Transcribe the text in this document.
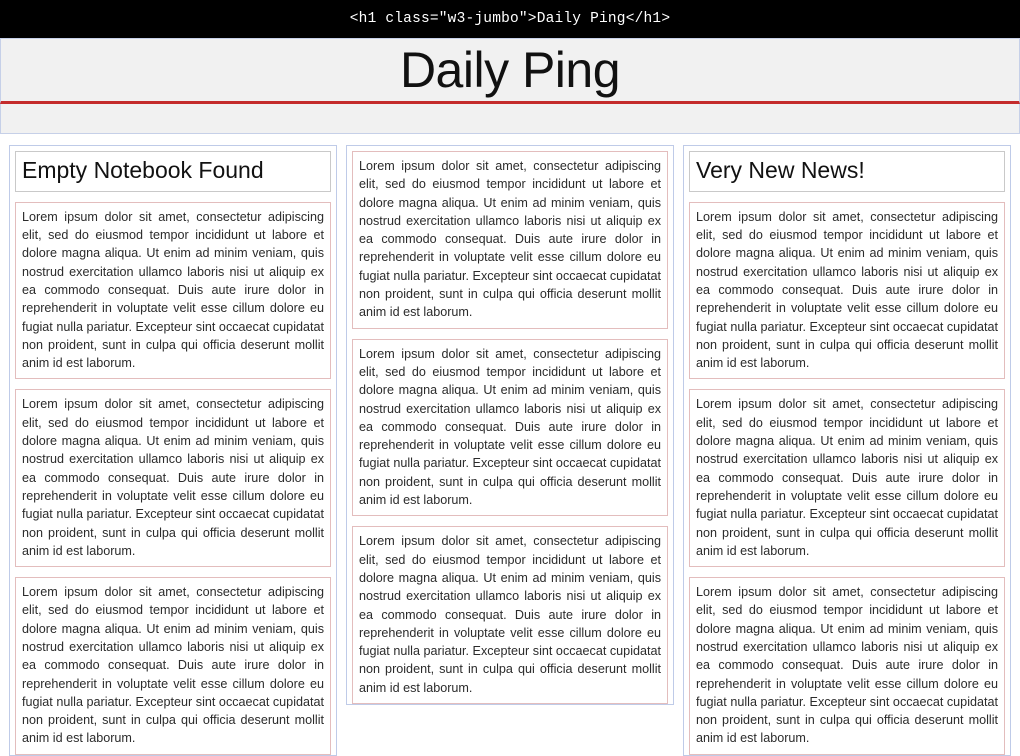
<h1 class="w3-jumbo">Daily Ping</h1>
Daily Ping
Empty Notebook Found

Lorem ipsum dolor sit amet, consectetur adipiscing elit, sed do eiusmod tempor incididunt ut labore et dolore magna aliqua. Ut enim ad minim veniam, quis nostrud exercitation ullamco laboris nisi ut aliquip ex ea commodo consequat. Duis aute irure dolor in reprehenderit in voluptate velit esse cillum dolore eu fugiat nulla pariatur. Excepteur sint occaecat cupidatat non proident, sunt in culpa qui officia deserunt mollit anim id est laborum.

Lorem ipsum dolor sit amet, consectetur adipiscing elit, sed do eiusmod tempor incididunt ut labore et dolore magna aliqua. Ut enim ad minim veniam, quis nostrud exercitation ullamco laboris nisi ut aliquip ex ea commodo consequat. Duis aute irure dolor in reprehenderit in voluptate velit esse cillum dolore eu fugiat nulla pariatur. Excepteur sint occaecat cupidatat non proident, sunt in culpa qui officia deserunt mollit anim id est laborum.

Lorem ipsum dolor sit amet, consectetur adipiscing elit, sed do eiusmod tempor incididunt ut labore et dolore magna aliqua. Ut enim ad minim veniam, quis nostrud exercitation ullamco laboris nisi ut aliquip ex ea commodo consequat. Duis aute irure dolor in reprehenderit in voluptate velit esse cillum dolore eu fugiat nulla pariatur. Excepteur sint occaecat cupidatat non proident, sunt in culpa qui officia deserunt mollit anim id est laborum.

Lorem ipsum dolor sit amet, consectetur adipiscing elit, sed do eiusmod tempor incididunt ut labore et dolore magna aliqua. Ut enim ad minim veniam, quis nostrud exercitation ullamco laboris nisi ut aliquip ex ea commodo consequat. Duis aute irure dolor in reprehenderit in voluptate velit esse cillum dolore eu fugiat nulla pariatur. Excepteur sint occaecat cupidatat non proident, sunt in culpa qui officia deserunt mollit anim id est laborum.

Lorem ipsum dolor sit amet, consectetur adipiscing elit, sed do eiusmod tempor incididunt ut labore et dolore magna aliqua. Ut enim ad minim veniam, quis nostrud exercitation ullamco laboris nisi ut aliquip ex ea commodo consequat. Duis aute irure dolor in reprehenderit in voluptate velit esse cillum dolore eu fugiat nulla pariatur. Excepteur sint occaecat cupidatat non proident, sunt in culpa qui officia deserunt mollit anim id est laborum.

Lorem ipsum dolor sit amet, consectetur adipiscing elit, sed do eiusmod tempor incididunt ut labore et dolore magna aliqua. Ut enim ad minim veniam, quis nostrud exercitation ullamco laboris nisi ut aliquip ex ea commodo consequat. Duis aute irure dolor in reprehenderit in voluptate velit esse cillum dolore eu fugiat nulla pariatur. Excepteur sint occaecat cupidatat non proident, sunt in culpa qui officia deserunt mollit anim id est laborum.

Very New News!

Lorem ipsum dolor sit amet, consectetur adipiscing elit, sed do eiusmod tempor incididunt ut labore et dolore magna aliqua. Ut enim ad minim veniam, quis nostrud exercitation ullamco laboris nisi ut aliquip ex ea commodo consequat. Duis aute irure dolor in reprehenderit in voluptate velit esse cillum dolore eu fugiat nulla pariatur. Excepteur sint occaecat cupidatat non proident, sunt in culpa qui officia deserunt mollit anim id est laborum.

Lorem ipsum dolor sit amet, consectetur adipiscing elit, sed do eiusmod tempor incididunt ut labore et dolore magna aliqua. Ut enim ad minim veniam, quis nostrud exercitation ullamco laboris nisi ut aliquip ex ea commodo consequat. Duis aute irure dolor in reprehenderit in voluptate velit esse cillum dolore eu fugiat nulla pariatur. Excepteur sint occaecat cupidatat non proident, sunt in culpa qui officia deserunt mollit anim id est laborum.

Lorem ipsum dolor sit amet, consectetur adipiscing elit, sed do eiusmod tempor incididunt ut labore et dolore magna aliqua. Ut enim ad minim veniam, quis nostrud exercitation ullamco laboris nisi ut aliquip ex ea commodo consequat. Duis aute irure dolor in reprehenderit in voluptate velit esse cillum dolore eu fugiat nulla pariatur. Excepteur sint occaecat cupidatat non proident, sunt in culpa qui officia deserunt mollit anim id est laborum.
